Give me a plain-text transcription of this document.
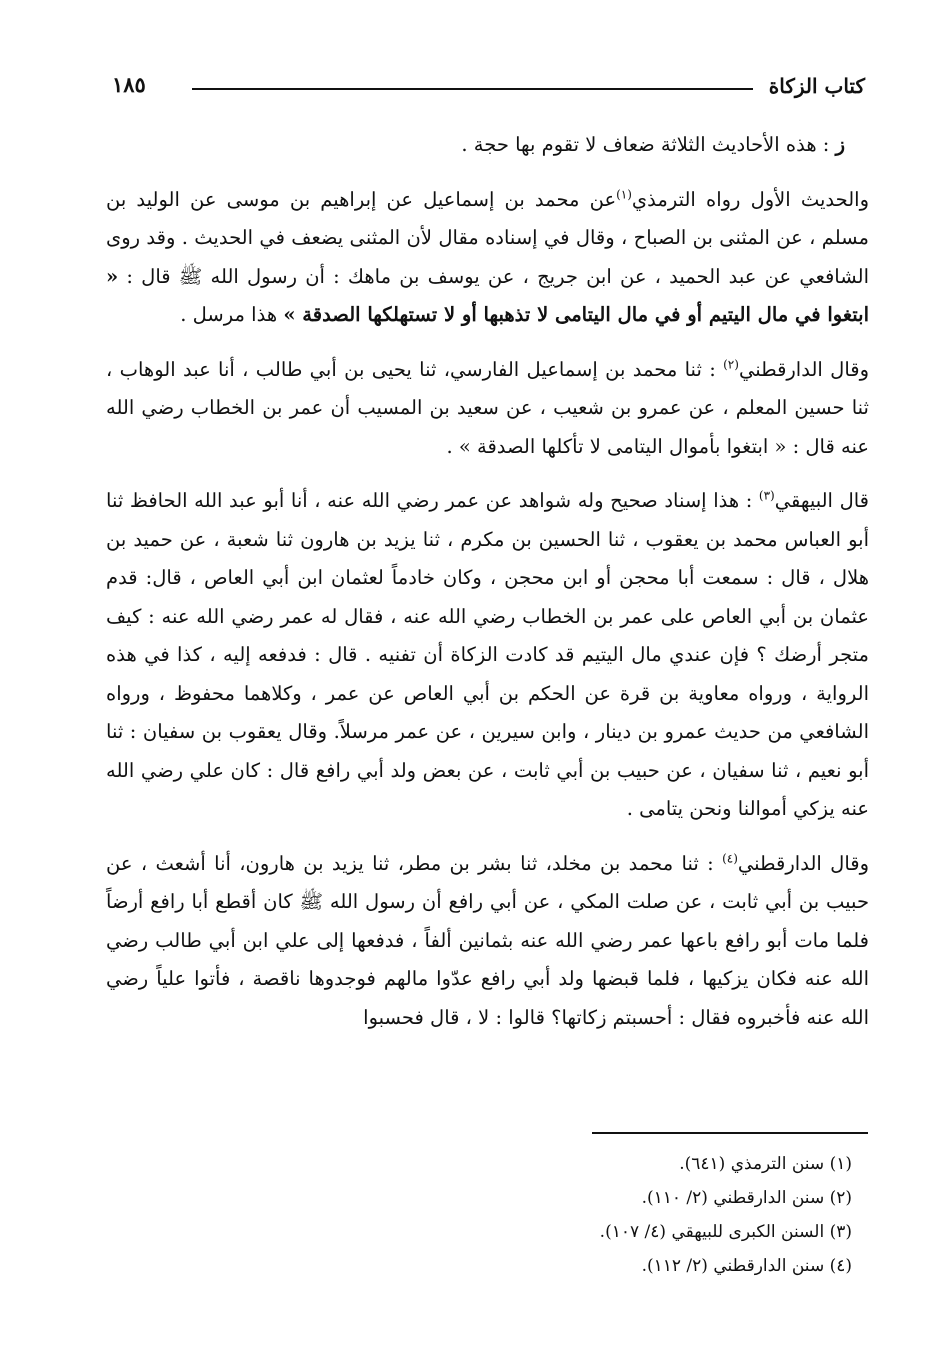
كتاب الزكاة
١٨٥

ز : هذه الأحاديث الثلاثة ضعاف لا تقوم بها حجة .

والحديث الأول رواه الترمذي$^{(١)}$عن محمد بن إسماعيل عن إبراهيم بن موسى عن الوليد بن مسلم ، عن المثنى بن الصباح ، وقال في إسناده مقال لأن المثنى يضعف في الحديث . وقد روى الشافعي عن عبد الحميد ، عن ابن جريج ، عن يوسف بن ماهك : أن رسول الله ﷺ قال : « ابتغوا في مال اليتيم أو في مال اليتامى لا تذهبها أو لا تستهلكها الصدقة » هذا مرسل .

وقال الدارقطني$^{(٢)}$ : ثنا محمد بن إسماعيل الفارسي، ثنا يحيى بن أبي طالب ، أنا عبد الوهاب ، ثنا حسين المعلم ، عن عمرو بن شعيب ، عن سعيد بن المسيب أن عمر بن الخطاب رضي الله عنه قال : « ابتغوا بأموال اليتامى لا تأكلها الصدقة » .

قال البيهقي$^{(٣)}$ : هذا إسناد صحيح وله شواهد عن عمر رضي الله عنه ، أنا أبو عبد الله الحافظ ثنا أبو العباس محمد بن يعقوب ، ثنا الحسين بن مكرم ، ثنا يزيد بن هارون ثنا شعبة ، عن حميد بن هلال ، قال : سمعت أبا محجن أو ابن محجن ، وكان خادماً لعثمان ابن أبي العاص ، قال: قدم عثمان بن أبي العاص على عمر بن الخطاب رضي الله عنه ، فقال له عمر رضي الله عنه : كيف متجر أرضك ؟ فإن عندي مال اليتيم قد كادت الزكاة أن تفنيه . قال : فدفعه إليه ، كذا في هذه الرواية ، ورواه معاوية بن قرة عن الحكم بن أبي العاص عن عمر ، وكلاهما محفوظ ، ورواه الشافعي من حديث عمرو بن دينار ، وابن سيرين ، عن عمر مرسلاً. وقال يعقوب بن سفيان : ثنا أبو نعيم ، ثنا سفيان ، عن حبيب بن أبي ثابت ، عن بعض ولد أبي رافع قال : كان علي رضي الله عنه يزكي أموالنا ونحن يتامى .

وقال الدارقطني$^{(٤)}$ : ثنا محمد بن مخلد، ثنا بشر بن مطر، ثنا يزيد بن هارون، أنا أشعث ، عن حبيب بن أبي ثابت ، عن صلت المكي ، عن أبي رافع أن رسول الله ﷺ كان أقطع أبا رافع أرضاً فلما مات أبو رافع باعها عمر رضي الله عنه بثمانين ألفاً ، فدفعها إلى علي ابن أبي طالب رضي الله عنه فكان يزكيها ، فلما قبضها ولد أبي رافع عدّوا مالهم فوجدوها ناقصة ، فأتوا علياً رضي الله عنه فأخبروه فقال : أحسبتم زكاتها؟ قالوا : لا ، قال فحسبوا

(١) سنن الترمذي (٦٤١).
(٢) سنن الدارقطني (٢/ ١١٠).
(٣) السنن الكبرى للبيهقي (٤/ ١٠٧).
(٤) سنن الدارقطني (٢/ ١١٢).
